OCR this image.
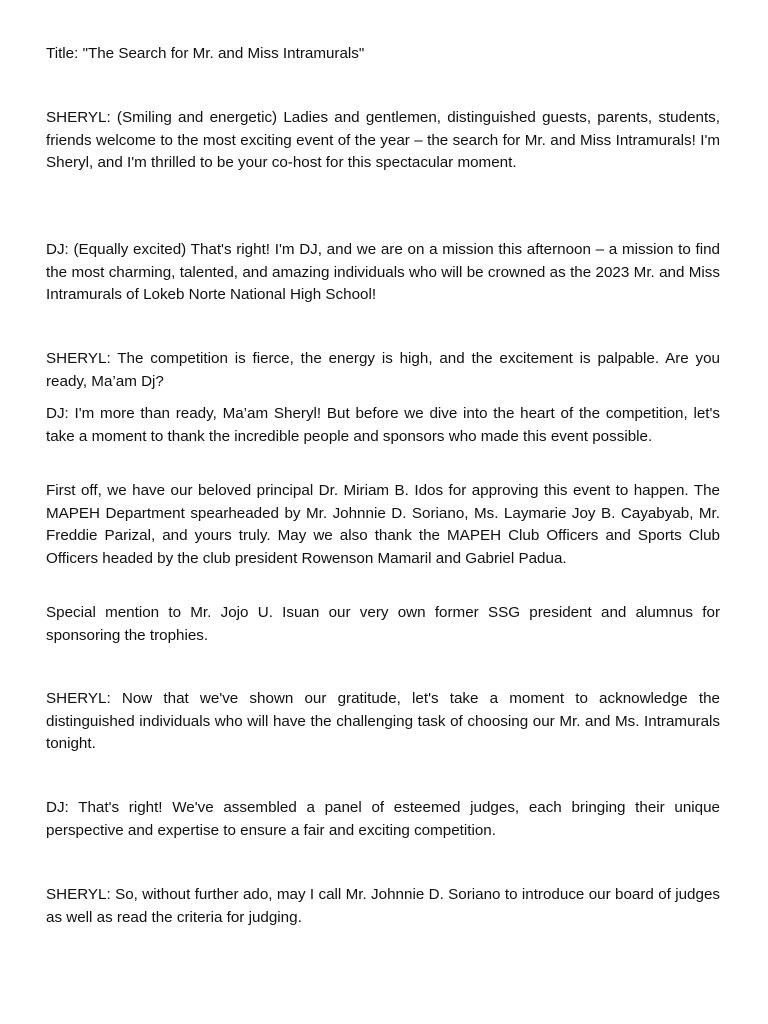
Title: "The Search for Mr. and Miss Intramurals"

SHERYL: (Smiling and energetic) Ladies and gentlemen, distinguished guests, parents, students, friends welcome to the most exciting event of the year – the search for Mr. and Miss Intramurals! I'm Sheryl, and I'm thrilled to be your co-host for this spectacular moment.

DJ: (Equally excited) That's right! I'm DJ, and we are on a mission this afternoon – a mission to find the most charming, talented, and amazing individuals who will be crowned as the 2023 Mr. and Miss Intramurals of Lokeb Norte National High School!

SHERYL: The competition is fierce, the energy is high, and the excitement is palpable. Are you ready, Ma’am Dj?

DJ: I'm more than ready, Ma’am Sheryl! But before we dive into the heart of the competition, let's take a moment to thank the incredible people and sponsors who made this event possible.

First off, we have our beloved principal Dr. Miriam B. Idos for approving this event to happen. The MAPEH Department spearheaded by Mr. Johnnie D. Soriano, Ms. Laymarie Joy B. Cayabyab, Mr. Freddie Parizal, and yours truly. May we also thank the MAPEH Club Officers and Sports Club Officers headed by the club president Rowenson Mamaril and Gabriel Padua.

Special mention to Mr. Jojo U. Isuan our very own former SSG president and alumnus for sponsoring the trophies.

SHERYL: Now that we've shown our gratitude, let's take a moment to acknowledge the distinguished individuals who will have the challenging task of choosing our Mr. and Ms. Intramurals tonight.

DJ: That's right! We've assembled a panel of esteemed judges, each bringing their unique perspective and expertise to ensure a fair and exciting competition.

SHERYL: So, without further ado, may I call Mr. Johnnie D. Soriano to introduce our board of judges as well as read the criteria for judging.
